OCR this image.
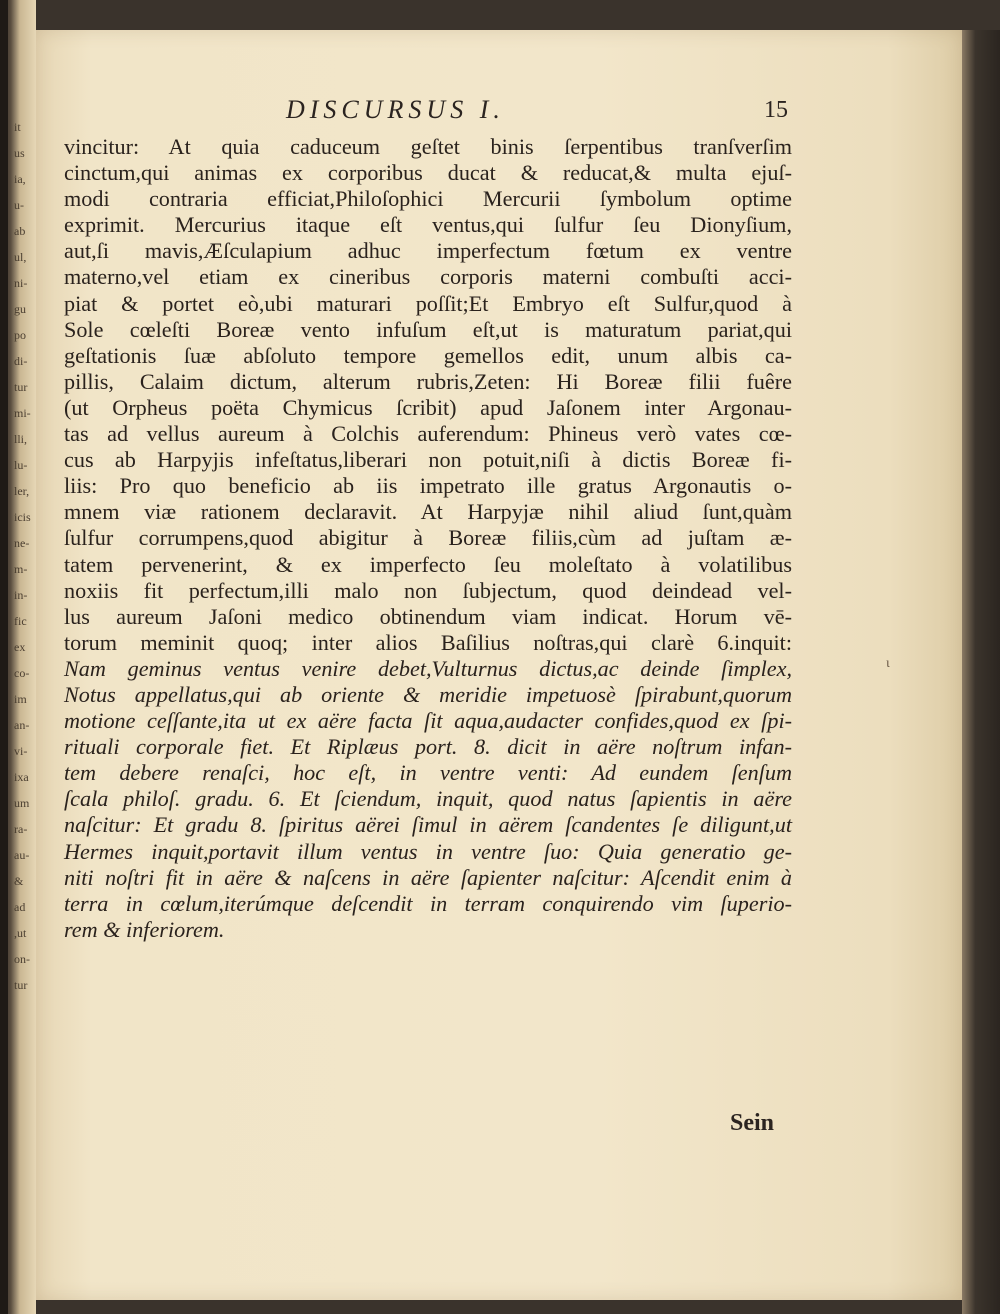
it
us
ia,
u-
ab
ul,
ni-
gu
po
di-
tur
mi-
lli,
lu-
ler,
icis
ne-
m-
in-
fic
ex
co-
im
an-
vi-
ixa
um
ra-
au-
&
ad
,ut
on-
tur
DISCURSUS I.	15
vincitur: At quia caduceum geſtet binis ſerpentibus tranſverſim
cinctum,qui animas ex corporibus ducat & reducat,& multa ejuſ-
modi contraria efficiat,Philoſophici Mercurii ſymbolum optime
exprimit. Mercurius itaque eſt ventus,qui ſulfur ſeu Dionyſium,
aut,ſi mavis,Æſculapium adhuc imperfectum fœtum ex ventre
materno,vel etiam ex cineribus corporis materni combuſti acci-
piat & portet eò,ubi maturari poſſit;Et Embryo eſt Sulfur,quod à
Sole cœleſti Boreæ vento infuſum eſt,ut is maturatum pariat,qui
geſtationis ſuæ abſoluto tempore gemellos edit, unum albis ca-
pillis, Calaim dictum, alterum rubris,Zeten: Hi Boreæ filii fuêre
(ut Orpheus poëta Chymicus ſcribit) apud Jaſonem inter Argonau-
tas ad vellus aureum à Colchis auferendum: Phineus verò vates cœ-
cus ab Harpyjis infeſtatus,liberari non potuit,niſi à dictis Boreæ fi-
liis: Pro quo beneficio ab iis impetrato ille gratus Argonautis o-
mnem viæ rationem declaravit. At Harpyjæ nihil aliud ſunt,quàm
ſulfur corrumpens,quod abigitur à Boreæ filiis,cùm ad juſtam æ-
tatem pervenerint, & ex imperfecto ſeu moleſtato à volatilibus
noxiis fit perfectum,illi malo non ſubjectum, quod deindead vel-
lus aureum Jaſoni medico obtinendum viam indicat. Horum vē-
torum meminit quoq; inter alios Baſilius noſtras,qui clarè 6.inquit:
Nam geminus ventus venire debet,Vulturnus dictus,ac deinde ſimplex,
Notus appellatus,qui ab oriente & meridie impetuosè ſpirabunt,quorum
motione ceſſante,ita ut ex aëre facta ſit aqua,audacter confides,quod ex ſpi-
rituali corporale fiet. Et Riplæus port. 8. dicit in aëre noſtrum infan-
tem debere renaſci, hoc eſt, in ventre venti: Ad eundem ſenſum
ſcala philoſ. gradu. 6. Et ſciendum, inquit, quod natus ſapientis in aëre
naſcitur: Et gradu 8. ſpiritus aërei ſimul in aërem ſcandentes ſe diligunt,ut
Hermes inquit,portavit illum ventus in ventre ſuo: Quia generatio ge-
niti noſtri fit in aëre & naſcens in aëre ſapienter naſcitur: Aſcendit enim à
terra in cœlum,iterúmque deſcendit in terram conquirendo vim ſuperio-
rem & inferiorem.
ι
Sein
